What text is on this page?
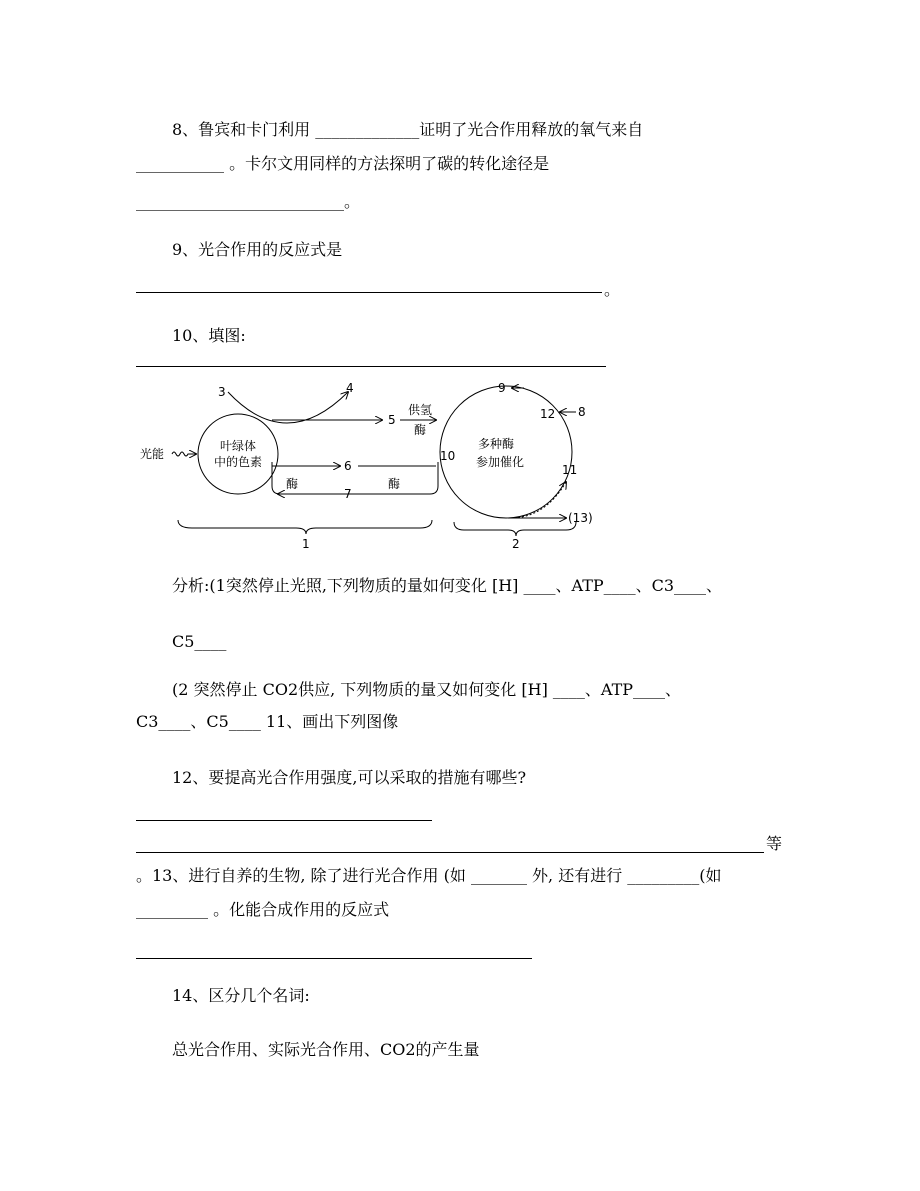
8、鲁宾和卡门利用 _____________证明了光合作用释放的氧气来自
___________ 。卡尔文用同样的方法探明了碳的转化途径是
__________________________。
9、光合作用的反应式是
。
10、填图:
叶绿体
中的色素
光能
3	4
5
供氢
酶
6
酶	酶
7
多种酶
参加催化
10
9
12 8
11
(13)
1	2
分析:(1突然停止光照,下列物质的量如何变化 [H] ____、ATP____、C3____、
C5____
(2 突然停止 CO2供应, 下列物质的量又如何变化 [H] ____、ATP____、
C3____、C5____ 11、画出下列图像
12、要提高光合作用强度,可以采取的措施有哪些?
等
。13、进行自养的生物, 除了进行光合作用 (如 _______ 外, 还有进行 _________(如
_________ 。化能合成作用的反应式
14、区分几个名词:
总光合作用、实际光合作用、CO2的产生量
